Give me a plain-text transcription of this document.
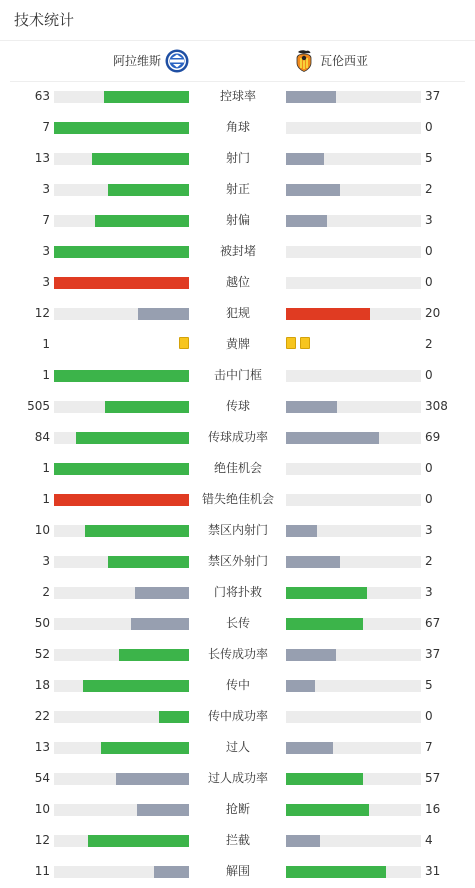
技术统计
阿拉维斯	瓦伦西亚
63	控球率	37
7	角球	0
13	射门	5
3	射正	2
7	射偏	3
3	被封堵	0
3	越位	0
12	犯规	20
1	黄牌	2
1	击中门框	0
505	传球	308
84	传球成功率	69
1	绝佳机会	0
1	错失绝佳机会	0
10	禁区内射门	3
3	禁区外射门	2
2	门将扑救	3
50	长传	67
52	长传成功率	37
18	传中	5
22	传中成功率	0
13	过人	7
54	过人成功率	57
10	抢断	16
12	拦截	4
11	解围	31
